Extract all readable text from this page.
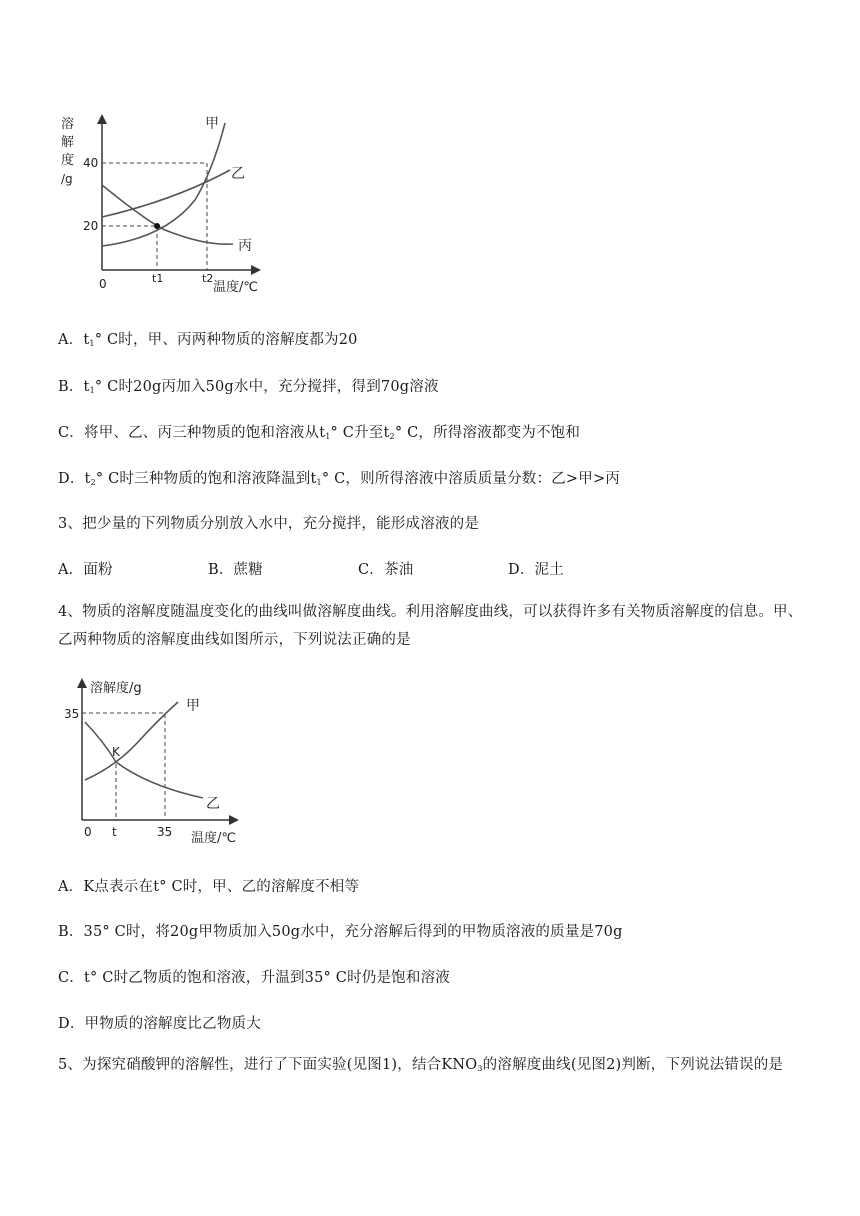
溶
解
度
/g
40
20
0	t1	t2
温度/℃
甲
乙
丙
A．$t_1^\circ$ C时，甲、丙两种物质的溶解度都为20
B．$t_1^\circ$ C时20g丙加入50g水中，充分搅拌，得到70g溶液
C．将甲、乙、丙三种物质的饱和溶液从$t_1^\circ$ C升至$t_2^\circ$ C，所得溶液都变为不饱和
D．$t_2^\circ$ C时三种物质的饱和溶液降温到$t_1^\circ$ C，则所得溶液中溶质质量分数：乙>甲>丙
3、把少量的下列物质分别放入水中，充分搅拌，能形成溶液的是
A．面粉	B．蔗糖	C．茶油	D．泥土
4、物质的溶解度随温度变化的曲线叫做溶解度曲线。利用溶解度曲线，可以获得许多有关物质溶解度的信息。甲、乙两种物质的溶解度曲线如图所示，下列说法正确的是
溶解度/g
35
0 t	35 温度/℃
K
甲
乙
A．K点表示在t° C时，甲、乙的溶解度不相等
B．35° C时，将20g甲物质加入50g水中，充分溶解后得到的甲物质溶液的质量是70g
C．t° C时乙物质的饱和溶液，升温到35° C时仍是饱和溶液
D．甲物质的溶解度比乙物质大
5、为探究硝酸钾的溶解性，进行了下面实验(见图1)，结合$KNO_3$的溶解度曲线(见图2)判断，下列说法错误的是
